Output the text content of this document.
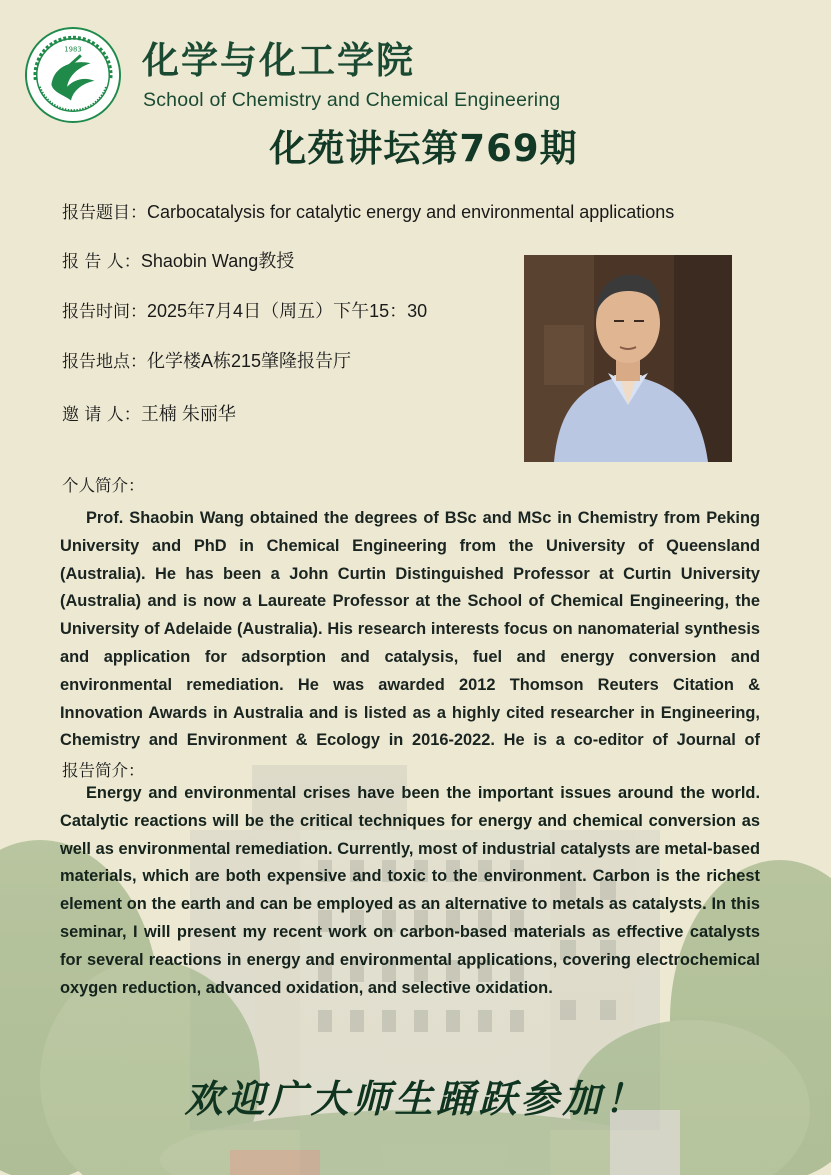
1983 化学与化工学院
School of Chemistry and Chemical Engineering
化苑讲坛第769期
报告题目：Carbocatalysis for catalytic energy and environmental applications
报 告 人：Shaobin Wang教授
报告时间：2025年7月4日（周五）下午15：30
报告地点：化学楼A栋215肇隆报告厅
邀 请 人：王楠 朱丽华
个人简介：

Prof. Shaobin Wang obtained the degrees of BSc and MSc in Chemistry from Peking University and PhD in Chemical Engineering from the University of Queensland (Australia). He has been a John Curtin Distinguished Professor at Curtin University (Australia) and is now a Laureate Professor at the School of Chemical Engineering, the University of Adelaide (Australia). His research interests focus on nanomaterial synthesis and application for adsorption and catalysis, fuel and energy conversion and environmental remediation. He was awarded 2012 Thomson Reuters Citation & Innovation Awards in Australia and is listed as a highly cited researcher in Engineering, Chemistry and Environment & Ecology in 2016-2022. He is a co-editor of Journal of

报告简介：

Energy and environmental crises have been the important issues around the world. Catalytic reactions will be the critical techniques for energy and chemical conversion as well as environmental remediation. Currently, most of industrial catalysts are metal-based materials, which are both expensive and toxic to the environment. Carbon is the richest element on the earth and can be employed as an alternative to metals as catalysts. In this seminar, I will present my recent work on carbon-based materials as effective catalysts for several reactions in energy and environmental applications, covering electrochemical oxygen reduction, advanced oxidation, and selective oxidation.

欢迎广大师生踊跃参加！
